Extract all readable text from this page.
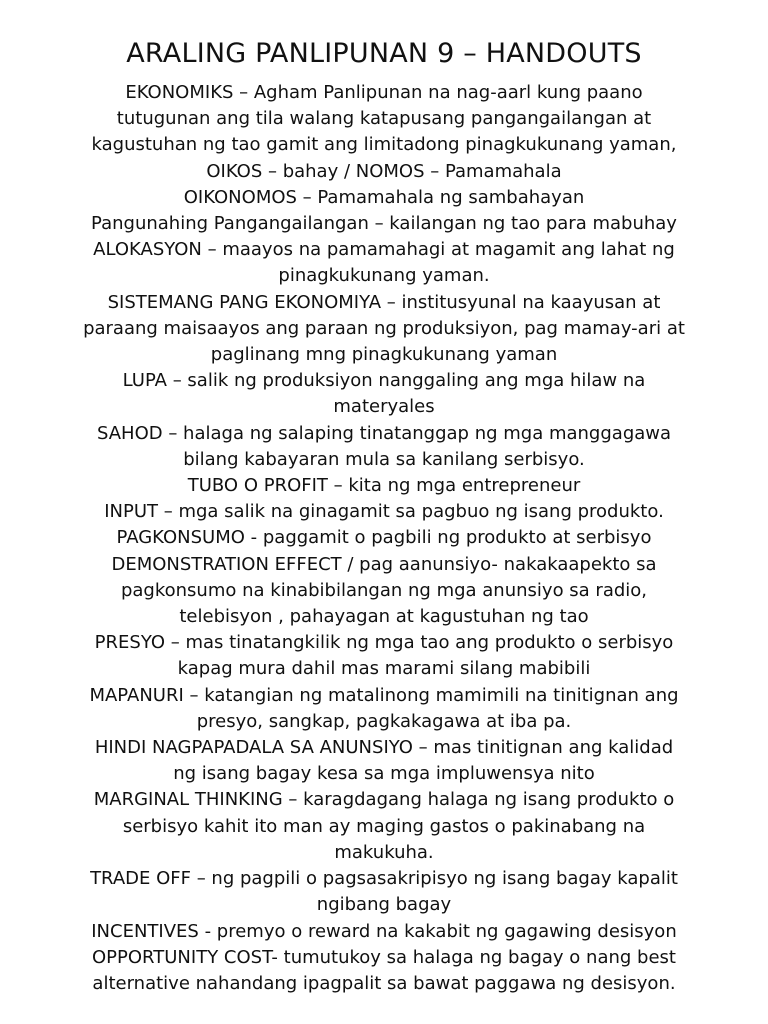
ARALING PANLIPUNAN 9 – HANDOUTS

EKONOMIKS – Agham Panlipunan na nag-aarl kung paano
tutugunan ang tila walang katapusang pangangailangan at
kagustuhan ng tao gamit ang limitadong pinagkukunang yaman,

OIKOS – bahay / NOMOS – Pamamahala

OIKONOMOS – Pamamahala ng sambahayan

Pangunahing Pangangailangan – kailangan ng tao para mabuhay

ALOKASYON – maayos na pamamahagi at magamit ang lahat ng
pinagkukunang yaman.

SISTEMANG PANG EKONOMIYA – institusyunal na kaayusan at
paraang maisaayos ang paraan ng produksiyon, pag mamay-ari at
paglinang mng pinagkukunang yaman

LUPA – salik ng produksiyon nanggaling ang mga hilaw na
materyales

SAHOD – halaga ng salaping tinatanggap ng mga manggagawa
bilang kabayaran mula sa kanilang serbisyo.

TUBO O PROFIT – kita ng mga entrepreneur

INPUT – mga salik na ginagamit sa pagbuo ng isang produkto.

PAGKONSUMO - paggamit o pagbili ng produkto at serbisyo

DEMONSTRATION EFFECT / pag aanunsiyo- nakakaapekto sa
pagkonsumo na kinabibilangan ng mga anunsiyo sa radio,
telebisyon , pahayagan at kagustuhan ng tao

PRESYO – mas tinatangkilik ng mga tao ang produkto o serbisyo
kapag mura dahil mas marami silang mabibili

MAPANURI – katangian ng matalinong mamimili na tinitignan ang
presyo, sangkap, pagkakagawa at iba pa.

HINDI NAGPAPADALA SA ANUNSIYO – mas tinitignan ang kalidad
ng isang bagay kesa sa mga impluwensya nito

MARGINAL THINKING – karagdagang halaga ng isang produkto o
serbisyo kahit ito man ay maging gastos o pakinabang na
makukuha.

TRADE OFF – ng pagpili o pagsasakripisyo ng isang bagay kapalit
ngibang bagay

INCENTIVES - premyo o reward na kakabit ng gagawing desisyon

OPPORTUNITY COST- tumutukoy sa halaga ng bagay o nang best
alternative nahandang ipagpalit sa bawat paggawa ng desisyon.
